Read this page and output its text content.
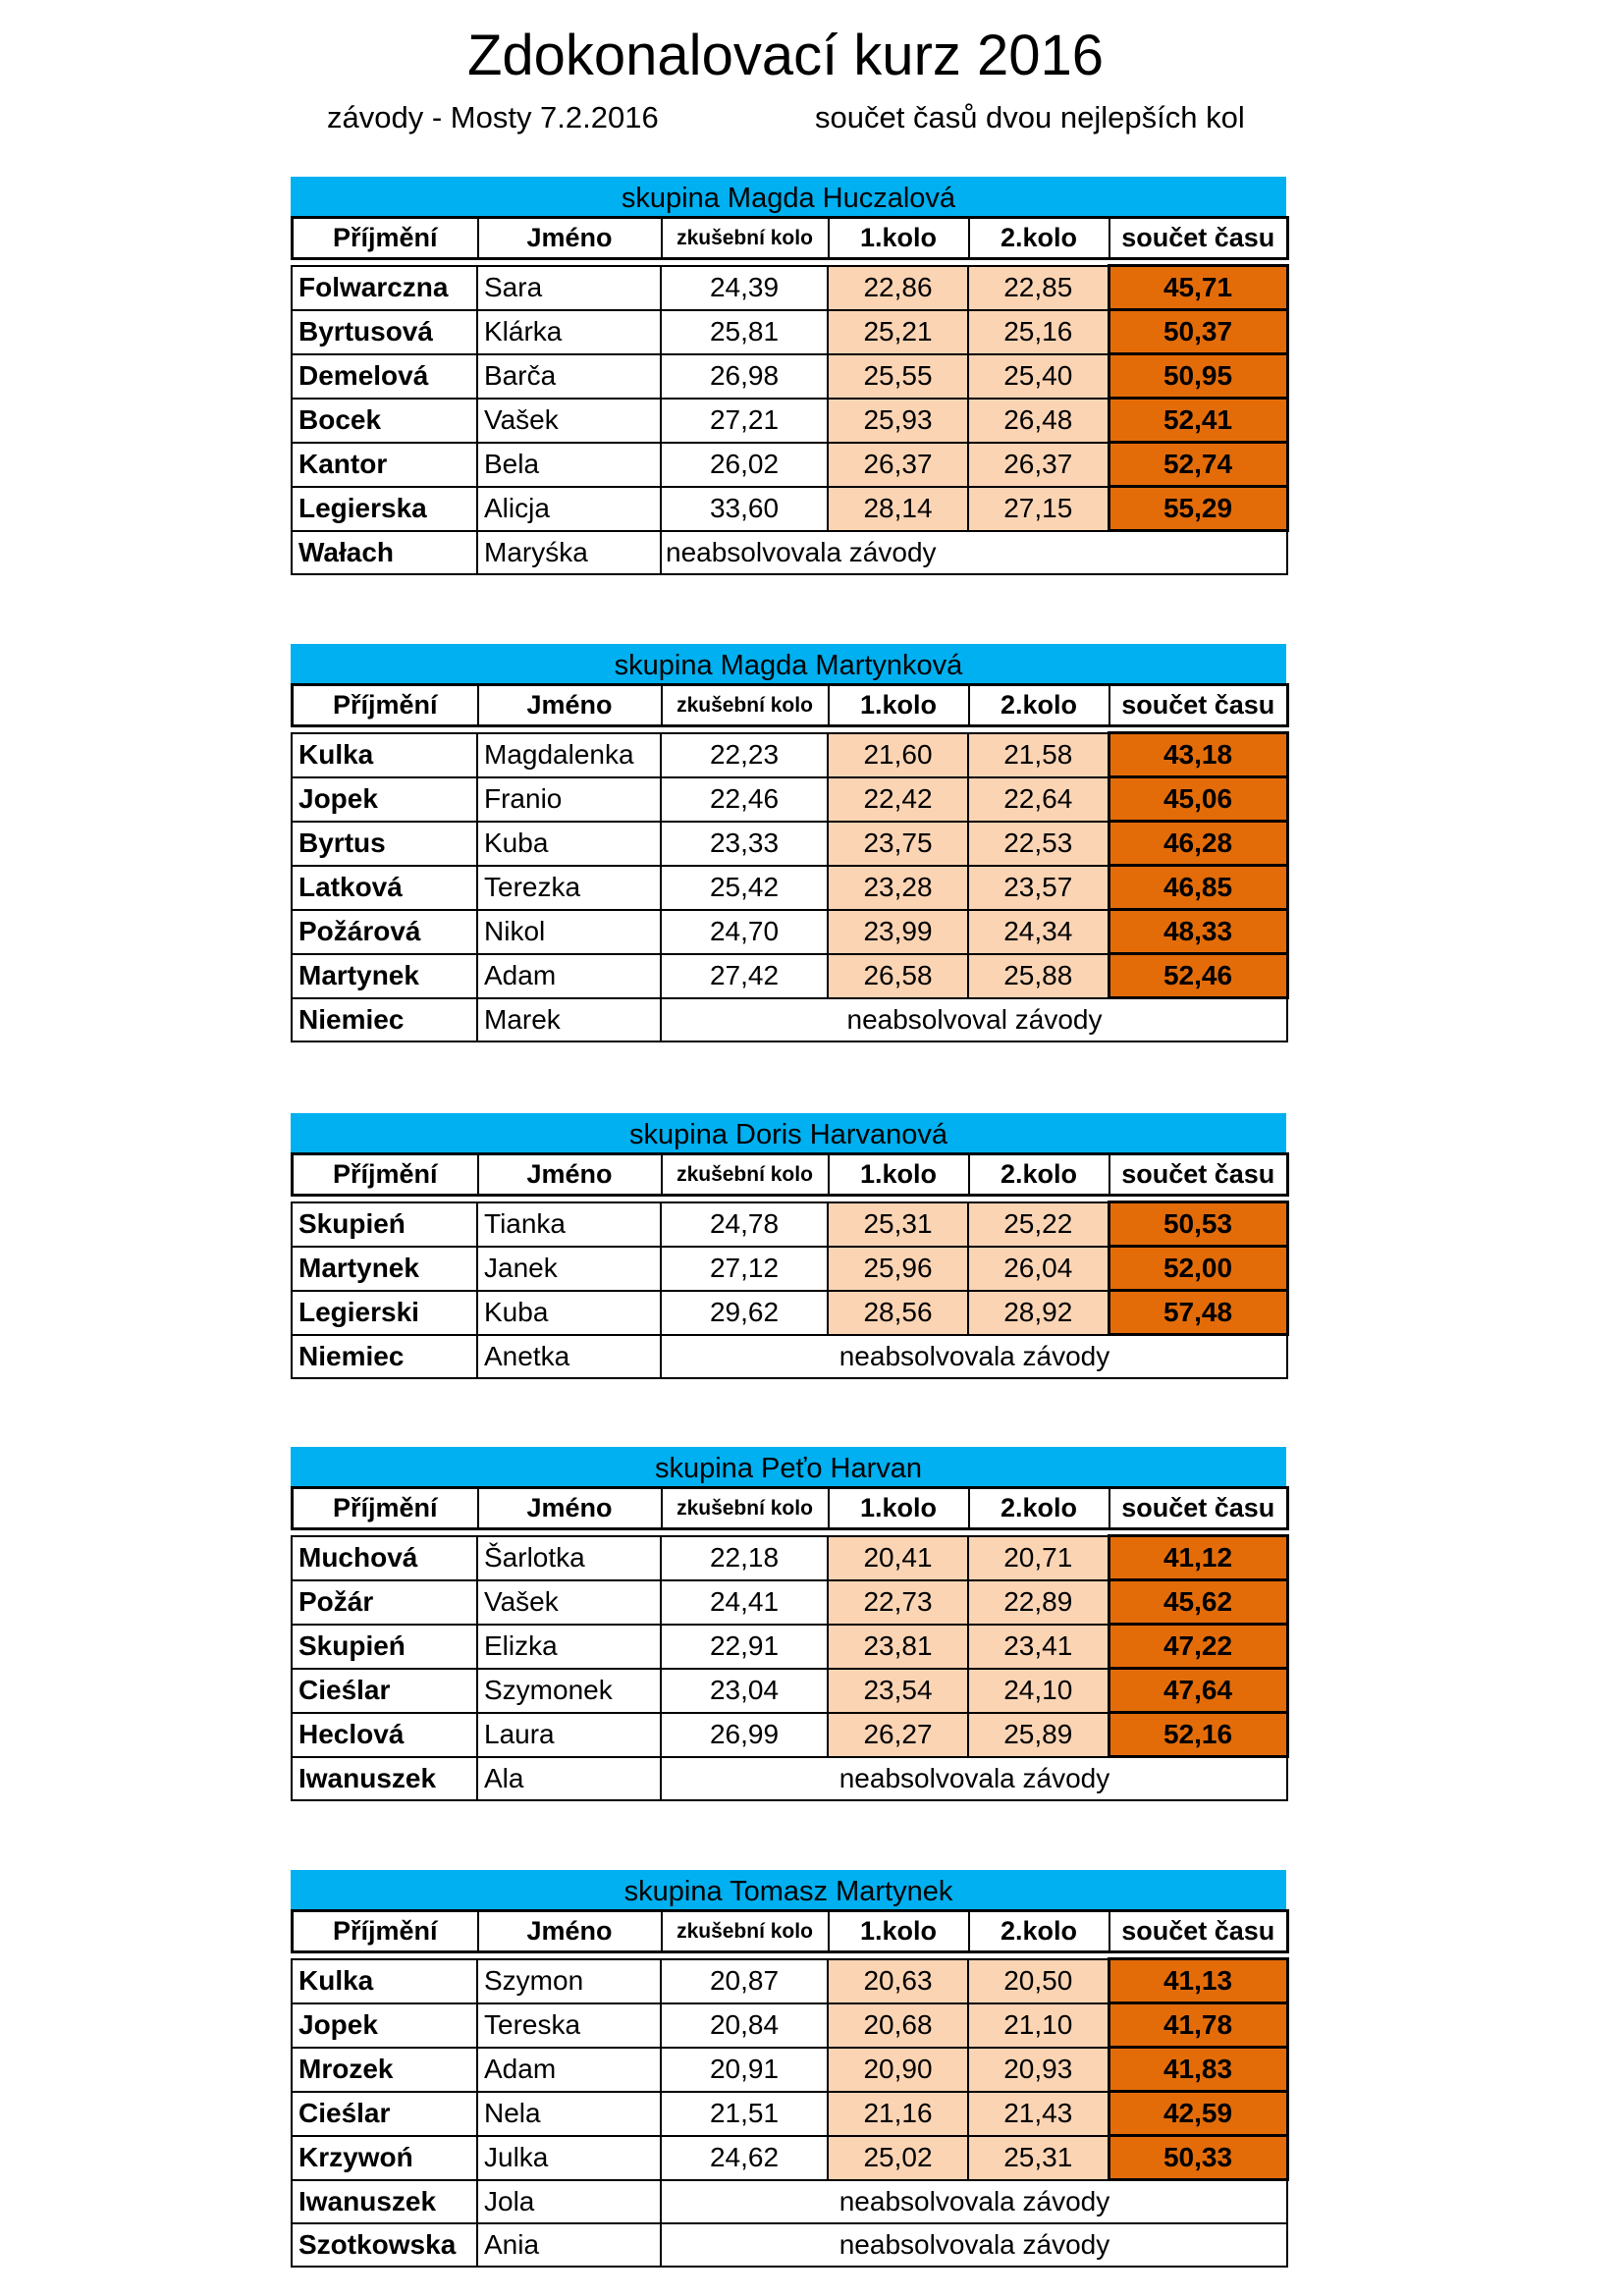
Zdokonalovací kurz 2016
závody - Mosty 7.2.2016	součet časů dvou nejlepších kol
skupina Magda Huczalová
Příjmění	Jméno	zkušební kolo	1.kolo	2.kolo	součet času
Folwarczna	Sara	24,39	22,86	22,85	45,71	
Byrtusová	Klárka	25,81	25,21	25,16	50,37	
Demelová	Barča	26,98	25,55	25,40	50,95	
Bocek	Vašek	27,21	25,93	26,48	52,41	
Kantor	Bela	26,02	26,37	26,37	52,74	
Legierska	Alicja	33,60	28,14	27,15	55,29	
Wałach	Maryśka	neabsolvovala závody				
skupina Magda Martynková
Příjmění	Jméno	zkušební kolo	1.kolo	2.kolo	součet času
Kulka	Magdalenka	22,23	21,60	21,58	43,18	
Jopek	Franio	22,46	22,42	22,64	45,06	
Byrtus	Kuba	23,33	23,75	22,53	46,28	
Latková	Terezka	25,42	23,28	23,57	46,85	
Požárová	Nikol	24,70	23,99	24,34	48,33	
Martynek	Adam	27,42	26,58	25,88	52,46	
Niemiec	Marek	neabsolvoval závody				
skupina Doris Harvanová
Příjmění	Jméno	zkušební kolo	1.kolo	2.kolo	součet času
Skupień	Tianka	24,78	25,31	25,22	50,53	
Martynek	Janek	27,12	25,96	26,04	52,00	
Legierski	Kuba	29,62	28,56	28,92	57,48	
Niemiec	Anetka	neabsolvovala závody				
skupina Peťo Harvan
Příjmění	Jméno	zkušební kolo	1.kolo	2.kolo	součet času
Muchová	Šarlotka	22,18	20,41	20,71	41,12	
Požár	Vašek	24,41	22,73	22,89	45,62	
Skupień	Elizka	22,91	23,81	23,41	47,22	
Cieślar	Szymonek	23,04	23,54	24,10	47,64	
Heclová	Laura	26,99	26,27	25,89	52,16	
Iwanuszek	Ala	neabsolvovala závody				
skupina Tomasz Martynek
Příjmění	Jméno	zkušební kolo	1.kolo	2.kolo	součet času
Kulka	Szymon	20,87	20,63	20,50	41,13	
Jopek	Tereska	20,84	20,68	21,10	41,78	
Mrozek	Adam	20,91	20,90	20,93	41,83	
Cieślar	Nela	21,51	21,16	21,43	42,59	
Krzywoń	Julka	24,62	25,02	25,31	50,33	
Iwanuszek	Jola	neabsolvovala závody				
Szotkowska	Ania	neabsolvovala závody				
